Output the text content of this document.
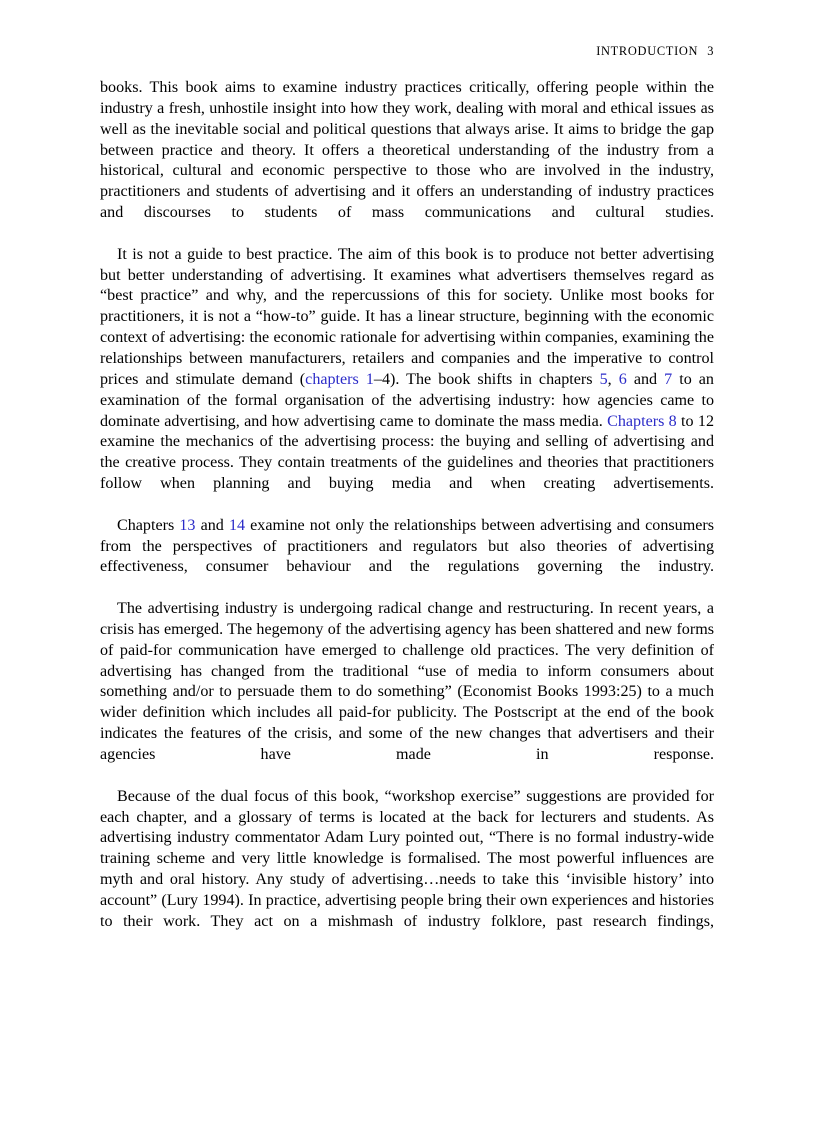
INTRODUCTION 3

books. This book aims to examine industry practices critically, offering people within the industry a fresh, unhostile insight into how they work, dealing with moral and ethical issues as well as the inevitable social and political questions that always arise. It aims to bridge the gap between practice and theory. It offers a theoretical understanding of the industry from a historical, cultural and economic perspective to those who are involved in the industry, practitioners and students of advertising and it offers an understanding of industry practices and discourses to students of mass communications and cultural studies.

It is not a guide to best practice. The aim of this book is to produce not better advertising but better understanding of advertising. It examines what advertisers themselves regard as “best practice” and why, and the repercussions of this for society. Unlike most books for practitioners, it is not a “how-to” guide. It has a linear structure, beginning with the economic context of advertising: the economic rationale for advertising within companies, examining the relationships between manufacturers, retailers and companies and the imperative to control prices and stimulate demand (chapters 1–4). The book shifts in chapters 5, 6 and 7 to an examination of the formal organisation of the advertising industry: how agencies came to dominate advertising, and how advertising came to dominate the mass media. Chapters 8 to 12 examine the mechanics of the advertising process: the buying and selling of advertising and the creative process. They contain treatments of the guidelines and theories that practitioners follow when planning and buying media and when creating advertisements.

Chapters 13 and 14 examine not only the relationships between advertising and consumers from the perspectives of practitioners and regulators but also theories of advertising effectiveness, consumer behaviour and the regulations governing the industry.

The advertising industry is undergoing radical change and restructuring. In recent years, a crisis has emerged. The hegemony of the advertising agency has been shattered and new forms of paid-for communication have emerged to challenge old practices. The very definition of advertising has changed from the traditional “use of media to inform consumers about something and/or to persuade them to do something” (Economist Books 1993:25) to a much wider definition which includes all paid-for publicity. The Postscript at the end of the book indicates the features of the crisis, and some of the new changes that advertisers and their agencies have made in response.

Because of the dual focus of this book, “workshop exercise” suggestions are provided for each chapter, and a glossary of terms is located at the back for lecturers and students. As advertising industry commentator Adam Lury pointed out, “There is no formal industry-wide training scheme and very little knowledge is formalised. The most powerful influences are myth and oral history. Any study of advertising…needs to take this ‘invisible history’ into account” (Lury 1994). In practice, advertising people bring their own experiences and histories to their work. They act on a mishmash of industry folklore, past research findings,
